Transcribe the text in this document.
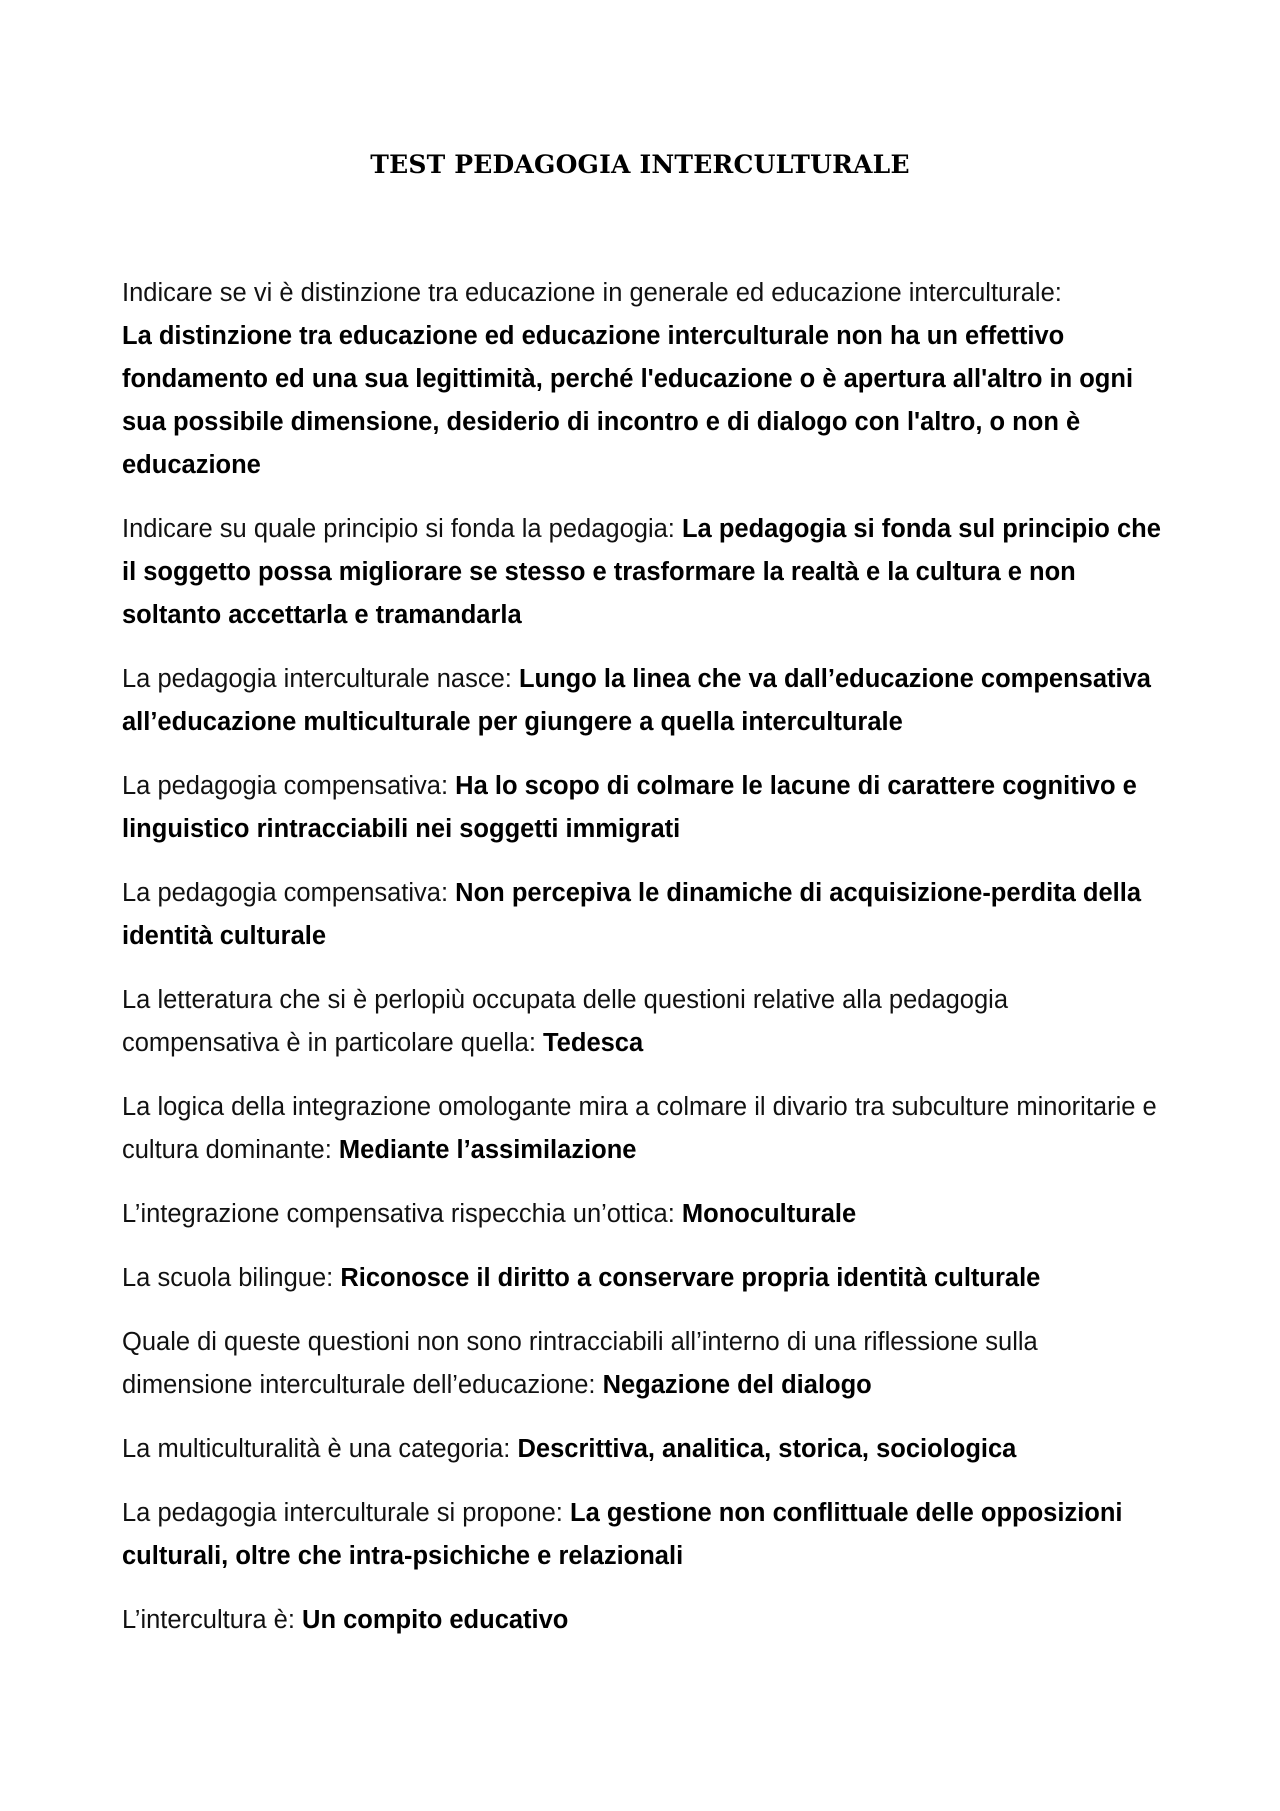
TEST PEDAGOGIA INTERCULTURALE

Indicare se vi è distinzione tra educazione in generale ed educazione interculturale:
La distinzione tra educazione ed educazione interculturale non ha un effettivo fondamento ed una sua legittimità, perché l'educazione o è apertura all'altro in ogni sua possibile dimensione, desiderio di incontro e di dialogo con l'altro, o non è educazione

Indicare su quale principio si fonda la pedagogia: La pedagogia si fonda sul principio che il soggetto possa migliorare se stesso e trasformare la realtà e la cultura e non soltanto accettarla e tramandarla

La pedagogia interculturale nasce: Lungo la linea che va dall’educazione compensativa all’educazione multiculturale per giungere a quella interculturale

La pedagogia compensativa: Ha lo scopo di colmare le lacune di carattere cognitivo e linguistico rintracciabili nei soggetti immigrati

La pedagogia compensativa: Non percepiva le dinamiche di acquisizione-perdita della identità culturale

La letteratura che si è perlopiù occupata delle questioni relative alla pedagogia compensativa è in particolare quella: Tedesca

La logica della integrazione omologante mira a colmare il divario tra subculture minoritarie e cultura dominante: Mediante l’assimilazione

L’integrazione compensativa rispecchia un’ottica: Monoculturale

La scuola bilingue: Riconosce il diritto a conservare propria identità culturale

Quale di queste questioni non sono rintracciabili all’interno di una riflessione sulla dimensione interculturale dell’educazione: Negazione del dialogo

La multiculturalità è una categoria: Descrittiva, analitica, storica, sociologica

La pedagogia interculturale si propone: La gestione non conflittuale delle opposizioni culturali, oltre che intra-psichiche e relazionali

L’intercultura è: Un compito educativo
